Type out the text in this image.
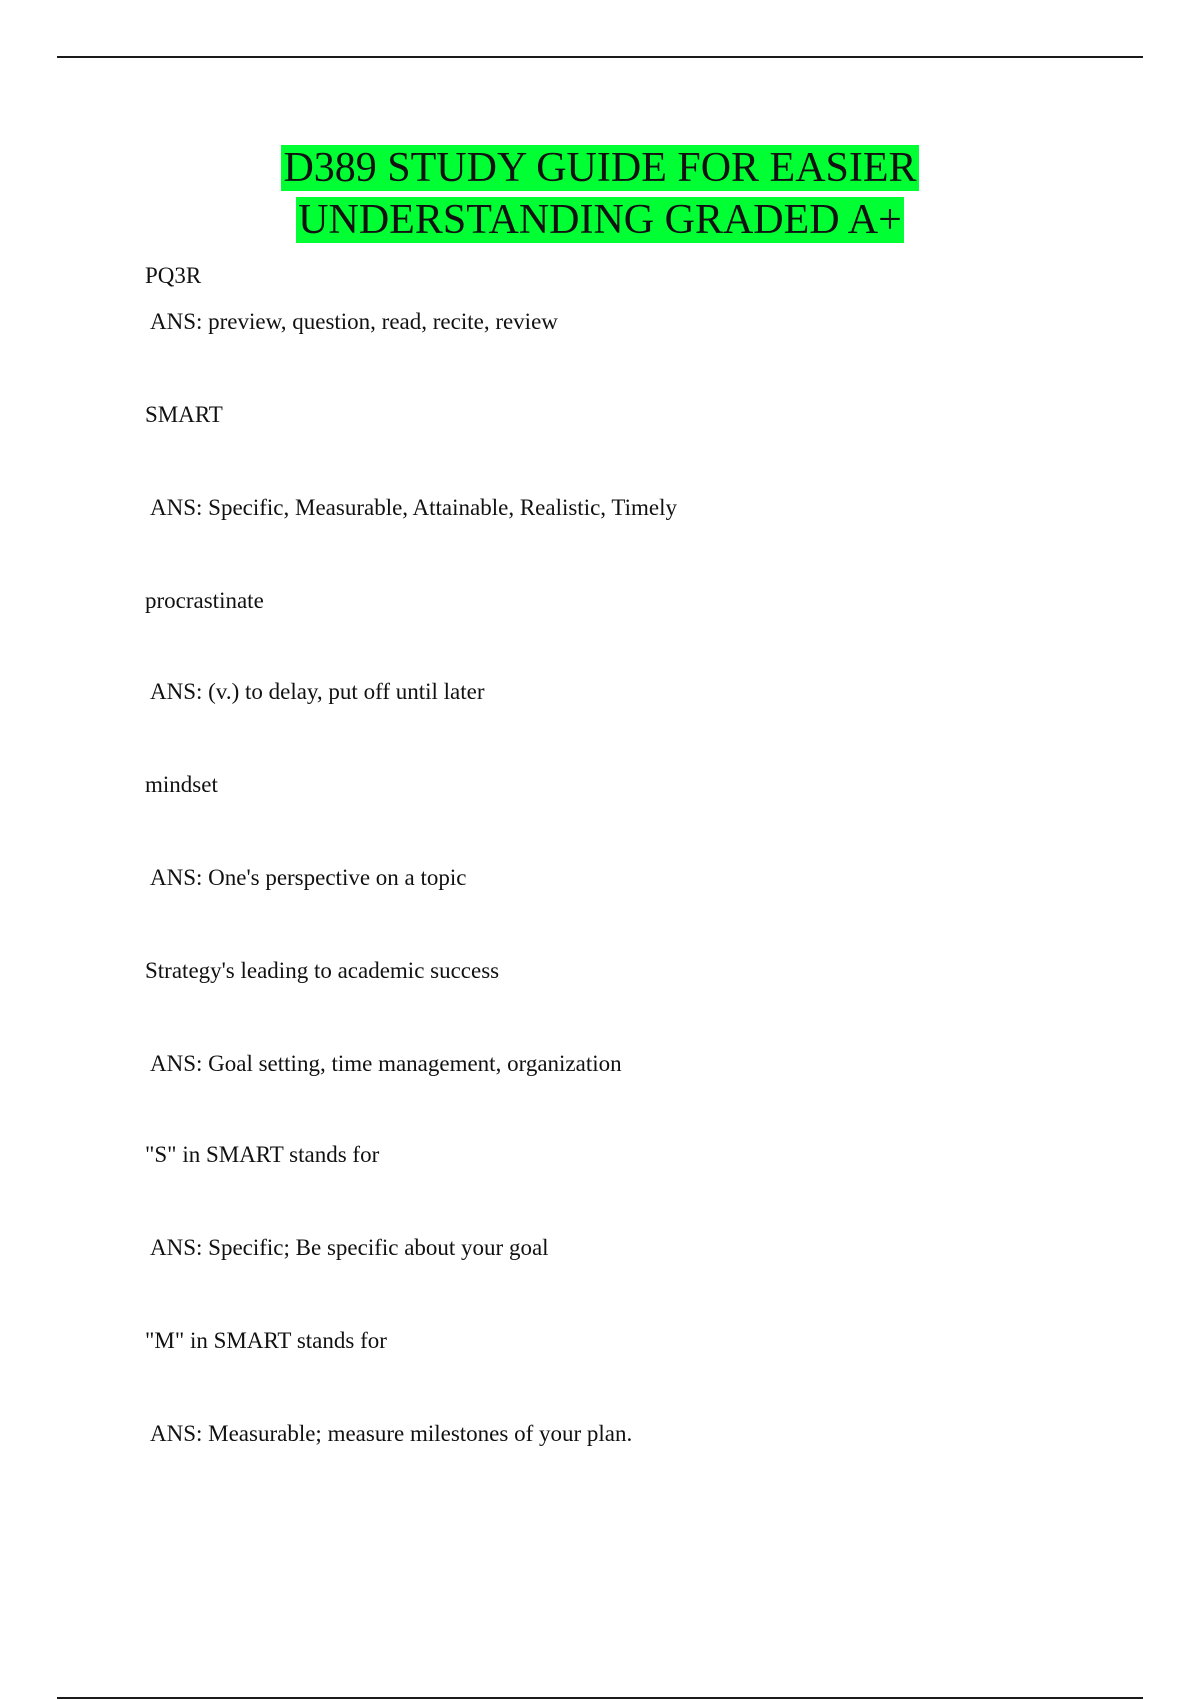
D389 STUDY GUIDE FOR EASIER
UNDERSTANDING GRADED A+
PQ3R
ANS: preview, question, read, recite, review
SMART
ANS: Specific, Measurable, Attainable, Realistic, Timely
procrastinate
ANS: (v.) to delay, put off until later
mindset
ANS: One's perspective on a topic
Strategy's leading to academic success
ANS: Goal setting, time management, organization
"S" in SMART stands for
ANS: Specific; Be specific about your goal
"M" in SMART stands for
ANS: Measurable; measure milestones of your plan.
